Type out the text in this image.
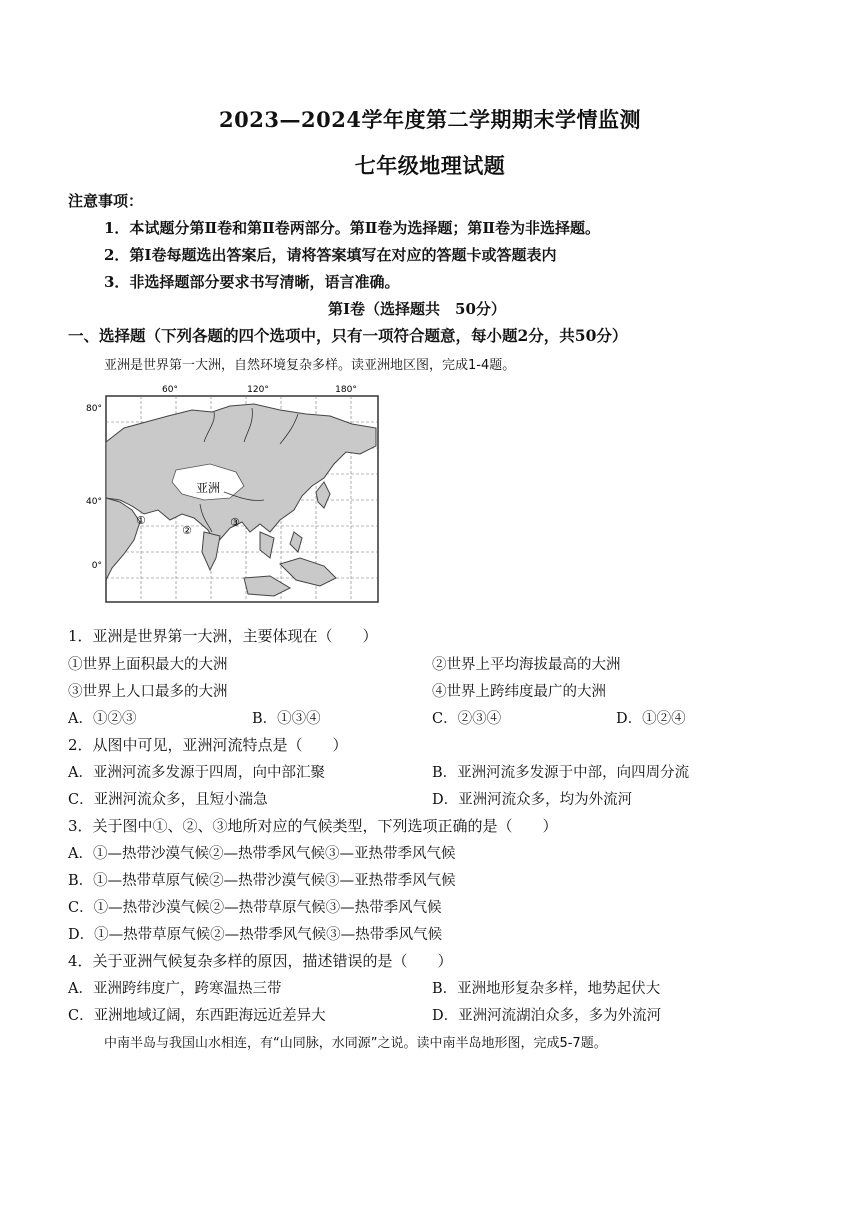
2023—2024学年度第二学期期末学情监测
七年级地理试题
注意事项：
1．本试题分第Ⅱ卷和第Ⅱ卷两部分。第Ⅱ卷为选择题；第Ⅱ卷为非选择题。
2．第Ⅰ卷每题选出答案后，请将答案填写在对应的答题卡或答题表内
3．非选择题部分要求书写清晰，语言准确。
第Ⅰ卷（选择题共　50分）
一、选择题（下列各题的四个选项中，只有一项符合题意，每小题2分，共50分）
亚洲是世界第一大洲，自然环境复杂多样。读亚洲地区图，完成1-4题。
80°
40°
0°
60°	120°	180°
亚洲
①
②
③
1．亚洲是世界第一大洲，主要体现在（　　）
①世界上面积最大的大洲	②世界上平均海拔最高的大洲
③世界上人口最多的大洲	④世界上跨纬度最广的大洲
A．①②③	B．①③④	C．②③④	D．①②④
2．从图中可见，亚洲河流特点是（　　）
A．亚洲河流多发源于四周，向中部汇聚	B．亚洲河流多发源于中部，向四周分流
C．亚洲河流众多，且短小湍急	D．亚洲河流众多，均为外流河
3．关于图中①、②、③地所对应的气候类型，下列选项正确的是（　　）
A．①—热带沙漠气候②—热带季风气候③—亚热带季风气候
B．①—热带草原气候②—热带沙漠气候③—亚热带季风气候
C．①—热带沙漠气候②—热带草原气候③—热带季风气候
D．①—热带草原气候②—热带季风气候③—热带季风气候
4．关于亚洲气候复杂多样的原因，描述错误的是（　　）
A．亚洲跨纬度广，跨寒温热三带	B．亚洲地形复杂多样，地势起伏大
C．亚洲地域辽阔，东西距海远近差异大	D．亚洲河流湖泊众多，多为外流河
中南半岛与我国山水相连，有“山同脉，水同源”之说。读中南半岛地形图，完成5-7题。
